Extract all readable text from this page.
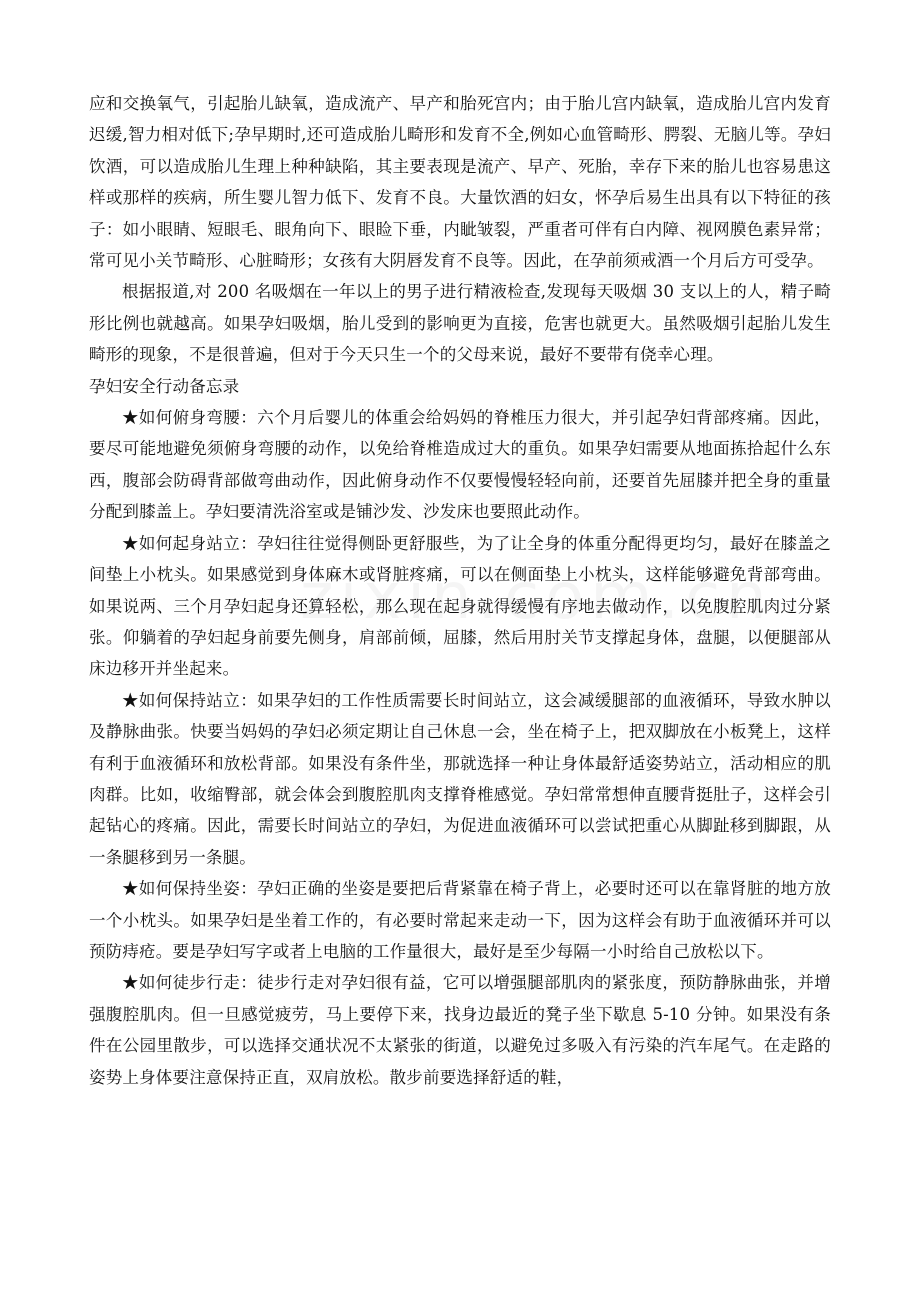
应和交换氧气，引起胎儿缺氧，造成流产、早产和胎死宫内；由于胎儿宫内缺氧，造成胎儿宫内发育迟缓,智力相对低下;孕早期时,还可造成胎儿畸形和发育不全,例如心血管畸形、腭裂、无脑儿等。孕妇饮酒，可以造成胎儿生理上种种缺陷，其主要表现是流产、早产、死胎，幸存下来的胎儿也容易患这样或那样的疾病，所生婴儿智力低下、发育不良。大量饮酒的妇女，怀孕后易生出具有以下特征的孩子：如小眼睛、短眼毛、眼角向下、眼睑下垂，内眦皱裂，严重者可伴有白内障、视网膜色素异常；常可见小关节畸形、心脏畸形；女孩有大阴唇发育不良等。因此，在孕前须戒酒一个月后方可受孕。

根据报道,对 200 名吸烟在一年以上的男子进行精液检查,发现每天吸烟 30 支以上的人，精子畸形比例也就越高。如果孕妇吸烟，胎儿受到的影响更为直接，危害也就更大。虽然吸烟引起胎儿发生畸形的现象，不是很普遍，但对于今天只生一个的父母来说，最好不要带有侥幸心理。

孕妇安全行动备忘录

★如何俯身弯腰：六个月后婴儿的体重会给妈妈的脊椎压力很大，并引起孕妇背部疼痛。因此，要尽可能地避免须俯身弯腰的动作，以免给脊椎造成过大的重负。如果孕妇需要从地面拣拾起什么东西，腹部会防碍背部做弯曲动作，因此俯身动作不仅要慢慢轻轻向前，还要首先屈膝并把全身的重量分配到膝盖上。孕妇要清洗浴室或是铺沙发、沙发床也要照此动作。

★如何起身站立：孕妇往往觉得侧卧更舒服些，为了让全身的体重分配得更均匀，最好在膝盖之间垫上小枕头。如果感觉到身体麻木或肾脏疼痛，可以在侧面垫上小枕头，这样能够避免背部弯曲。如果说两、三个月孕妇起身还算轻松，那么现在起身就得缓慢有序地去做动作，以免腹腔肌肉过分紧张。仰躺着的孕妇起身前要先侧身，肩部前倾，屈膝，然后用肘关节支撑起身体，盘腿，以便腿部从床边移开并坐起来。

★如何保持站立：如果孕妇的工作性质需要长时间站立，这会减缓腿部的血液循环，导致水肿以及静脉曲张。快要当妈妈的孕妇必须定期让自己休息一会，坐在椅子上，把双脚放在小板凳上，这样有利于血液循环和放松背部。如果没有条件坐，那就选择一种让身体最舒适姿势站立，活动相应的肌肉群。比如，收缩臀部，就会体会到腹腔肌肉支撑脊椎感觉。孕妇常常想伸直腰背挺肚子，这样会引起钻心的疼痛。因此，需要长时间站立的孕妇，为促进血液循环可以尝试把重心从脚趾移到脚跟，从一条腿移到另一条腿。

★如何保持坐姿：孕妇正确的坐姿是要把后背紧靠在椅子背上，必要时还可以在靠肾脏的地方放一个小枕头。如果孕妇是坐着工作的，有必要时常起来走动一下，因为这样会有助于血液循环并可以预防痔疮。要是孕妇写字或者上电脑的工作量很大，最好是至少每隔一小时给自己放松以下。

★如何徒步行走：徒步行走对孕妇很有益，它可以增强腿部肌肉的紧张度，预防静脉曲张，并增强腹腔肌肉。但一旦感觉疲劳，马上要停下来，找身边最近的凳子坐下歇息 5-10 分钟。如果没有条件在公园里散步，可以选择交通状况不太紧张的街道，以避免过多吸入有污染的汽车尾气。在走路的姿势上身体要注意保持正直，双肩放松。散步前要选择舒适的鞋，
